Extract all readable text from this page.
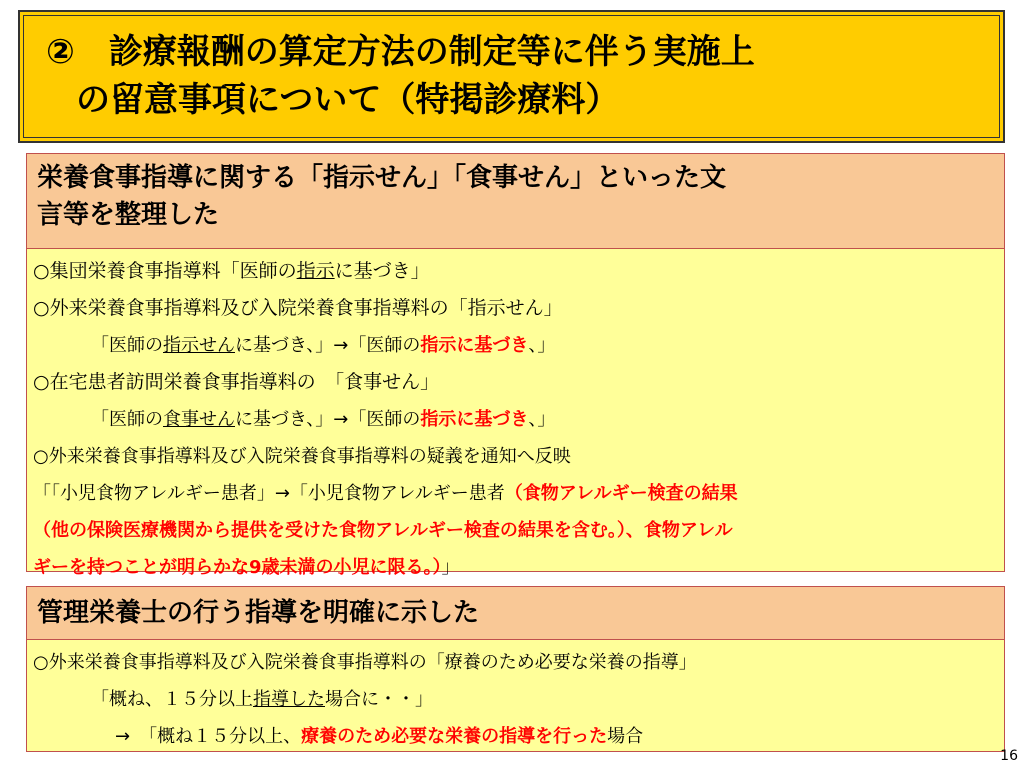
②　診療報酬の算定方法の制定等に伴う実施上
の留意事項について（特掲診療料）
栄養食事指導に関する「指示せん」「食事せん」といった文
言等を整理した
○集団栄養食事指導料「医師の指示に基づき」
○外来栄養食事指導料及び入院栄養食事指導料の「指示せん」
「医師の指示せんに基づき、」→「医師の指示に基づき、」
○在宅患者訪問栄養食事指導料の　「食事せん」
「医師の食事せんに基づき、」→「医師の指示に基づき、」
○外来栄養食事指導料及び入院栄養食事指導料の疑義を通知へ反映
「「小児食物アレルギー患者」→「小児食物アレルギー患者（食物アレルギー検査の結果
（他の保険医療機関から提供を受けた食物アレルギー検査の結果を含む。）、食物アレル
ギーを持つことが明らかな9歳未満の小児に限る。）」
管理栄養士の行う指導を明確に示した
○外来栄養食事指導料及び入院栄養食事指導料の「療養のため必要な栄養の指導」
「概ね、１５分以上指導した場合に・・」
→　「概ね１５分以上、療養のため必要な栄養の指導を行った場合
16
